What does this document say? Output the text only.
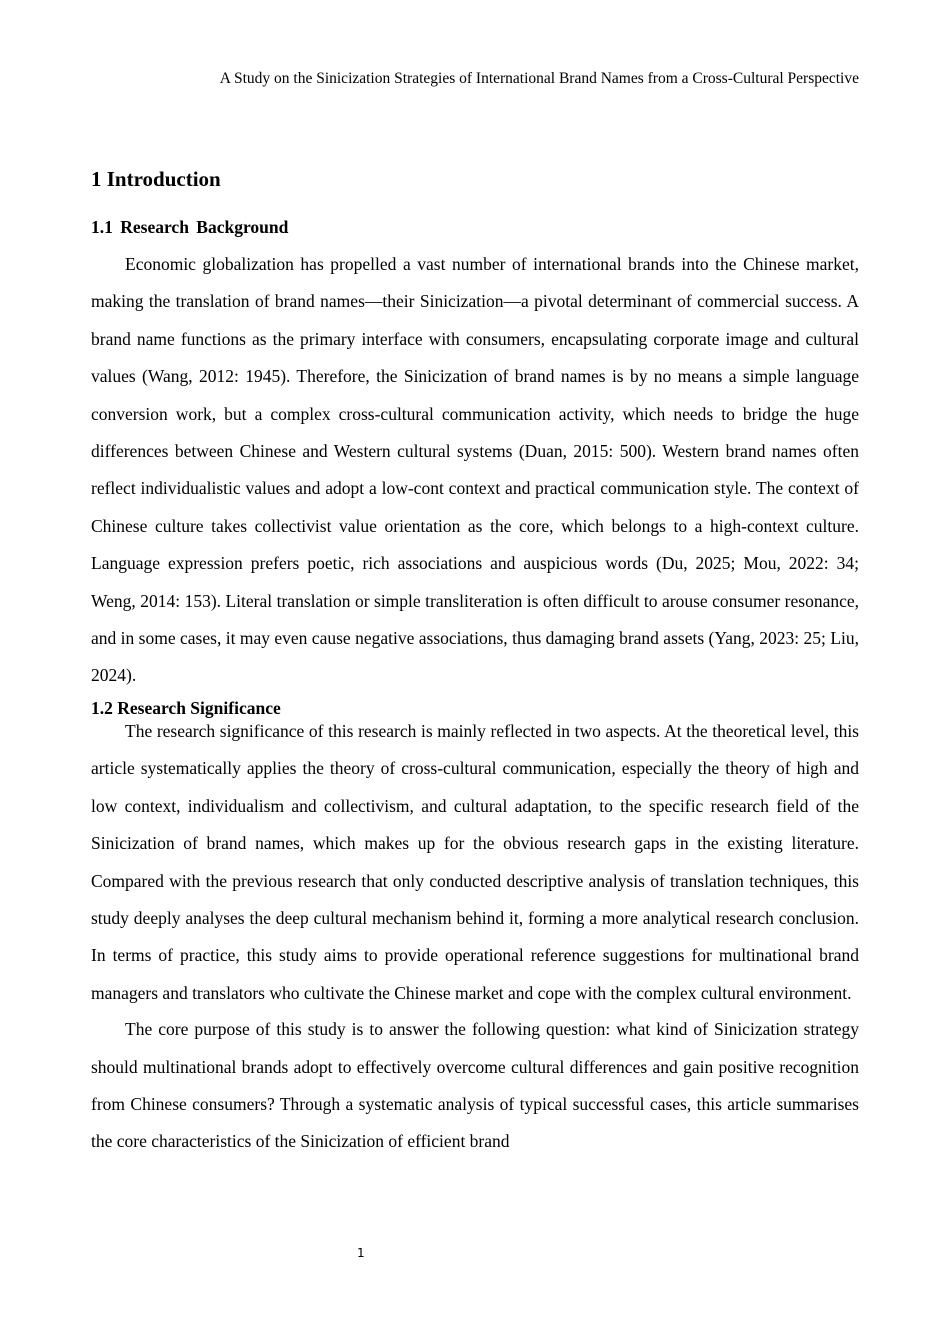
A Study on the Sinicization Strategies of International Brand Names from a Cross-Cultural Perspective
1 Introduction
1.1 Research Background

Economic globalization has propelled a vast number of international brands into the Chinese market, making the translation of brand names—their Sinicization—a pivotal determinant of commercial success. A brand name functions as the primary interface with consumers, encapsulating corporate image and cultural values (Wang, 2012: 1945). Therefore, the Sinicization of brand names is by no means a simple language conversion work, but a complex cross-cultural communication activity, which needs to bridge the huge differences between Chinese and Western cultural systems (Duan, 2015: 500). Western brand names often reflect individualistic values and adopt a low-cont context and practical communication style. The context of Chinese culture takes collectivist value orientation as the core, which belongs to a high-context culture. Language expression prefers poetic, rich associations and auspicious words (Du, 2025; Mou, 2022: 34; Weng, 2014: 153). Literal translation or simple transliteration is often difficult to arouse consumer resonance, and in some cases, it may even cause negative associations, thus damaging brand assets (Yang, 2023: 25; Liu, 2024).

1.2 Research Significance

The research significance of this research is mainly reflected in two aspects. At the theoretical level, this article systematically applies the theory of cross-cultural communication, especially the theory of high and low context, individualism and collectivism, and cultural adaptation, to the specific research field of the Sinicization of brand names, which makes up for the obvious research gaps in the existing literature. Compared with the previous research that only conducted descriptive analysis of translation techniques, this study deeply analyses the deep cultural mechanism behind it, forming a more analytical research conclusion. In terms of practice, this study aims to provide operational reference suggestions for multinational brand managers and translators who cultivate the Chinese market and cope with the complex cultural environment.

The core purpose of this study is to answer the following question: what kind of Sinicization strategy should multinational brands adopt to effectively overcome cultural differences and gain positive recognition from Chinese consumers? Through a systematic analysis of typical successful cases, this article summarises the core characteristics of the Sinicization of efficient brand

1
